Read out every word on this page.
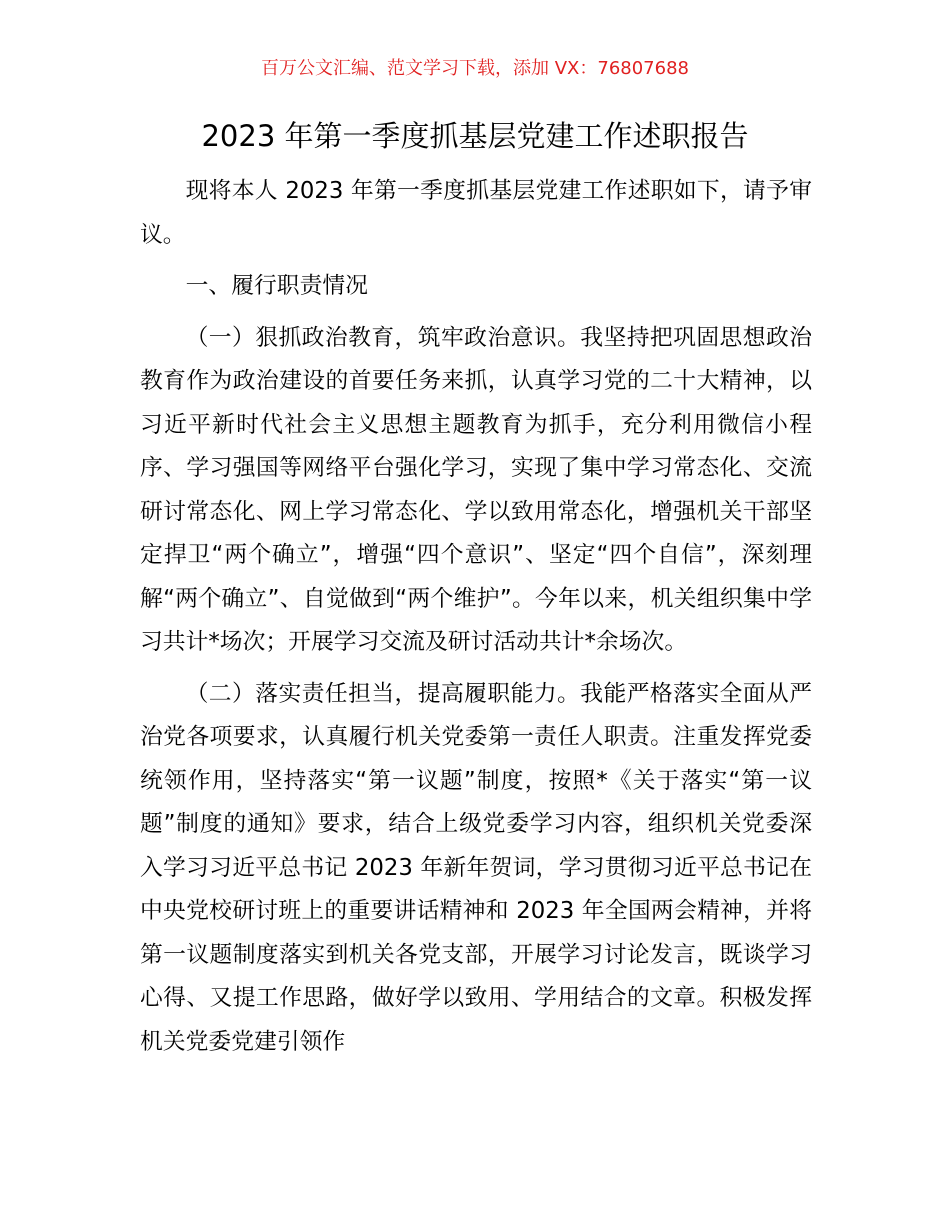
百万公文汇编、范文学习下载，添加 VX：76807688
2023 年第一季度抓基层党建工作述职报告

现将本人 2023 年第一季度抓基层党建工作述职如下，请予审议。

一、履行职责情况

（一）狠抓政治教育，筑牢政治意识。我坚持把巩固思想政治教育作为政治建设的首要任务来抓，认真学习党的二十大精神，以习近平新时代社会主义思想主题教育为抓手，充分利用微信小程序、学习强国等网络平台强化学习，实现了集中学习常态化、交流研讨常态化、网上学习常态化、学以致用常态化，增强机关干部坚定捍卫“两个确立”，增强“四个意识”、坚定“四个自信”，深刻理解“两个确立”、自觉做到“两个维护”。今年以来，机关组织集中学习共计*场次；开展学习交流及研讨活动共计*余场次。

（二）落实责任担当，提高履职能力。我能严格落实全面从严治党各项要求，认真履行机关党委第一责任人职责。注重发挥党委统领作用，坚持落实“第一议题”制度，按照*《关于落实“第一议题”制度的通知》要求，结合上级党委学习内容，组织机关党委深入学习习近平总书记 2023 年新年贺词，学习贯彻习近平总书记在中央党校研讨班上的重要讲话精神和 2023 年全国两会精神，并将第一议题制度落实到机关各党支部，开展学习讨论发言，既谈学习心得、又提工作思路，做好学以致用、学用结合的文章。积极发挥机关党委党建引领作
